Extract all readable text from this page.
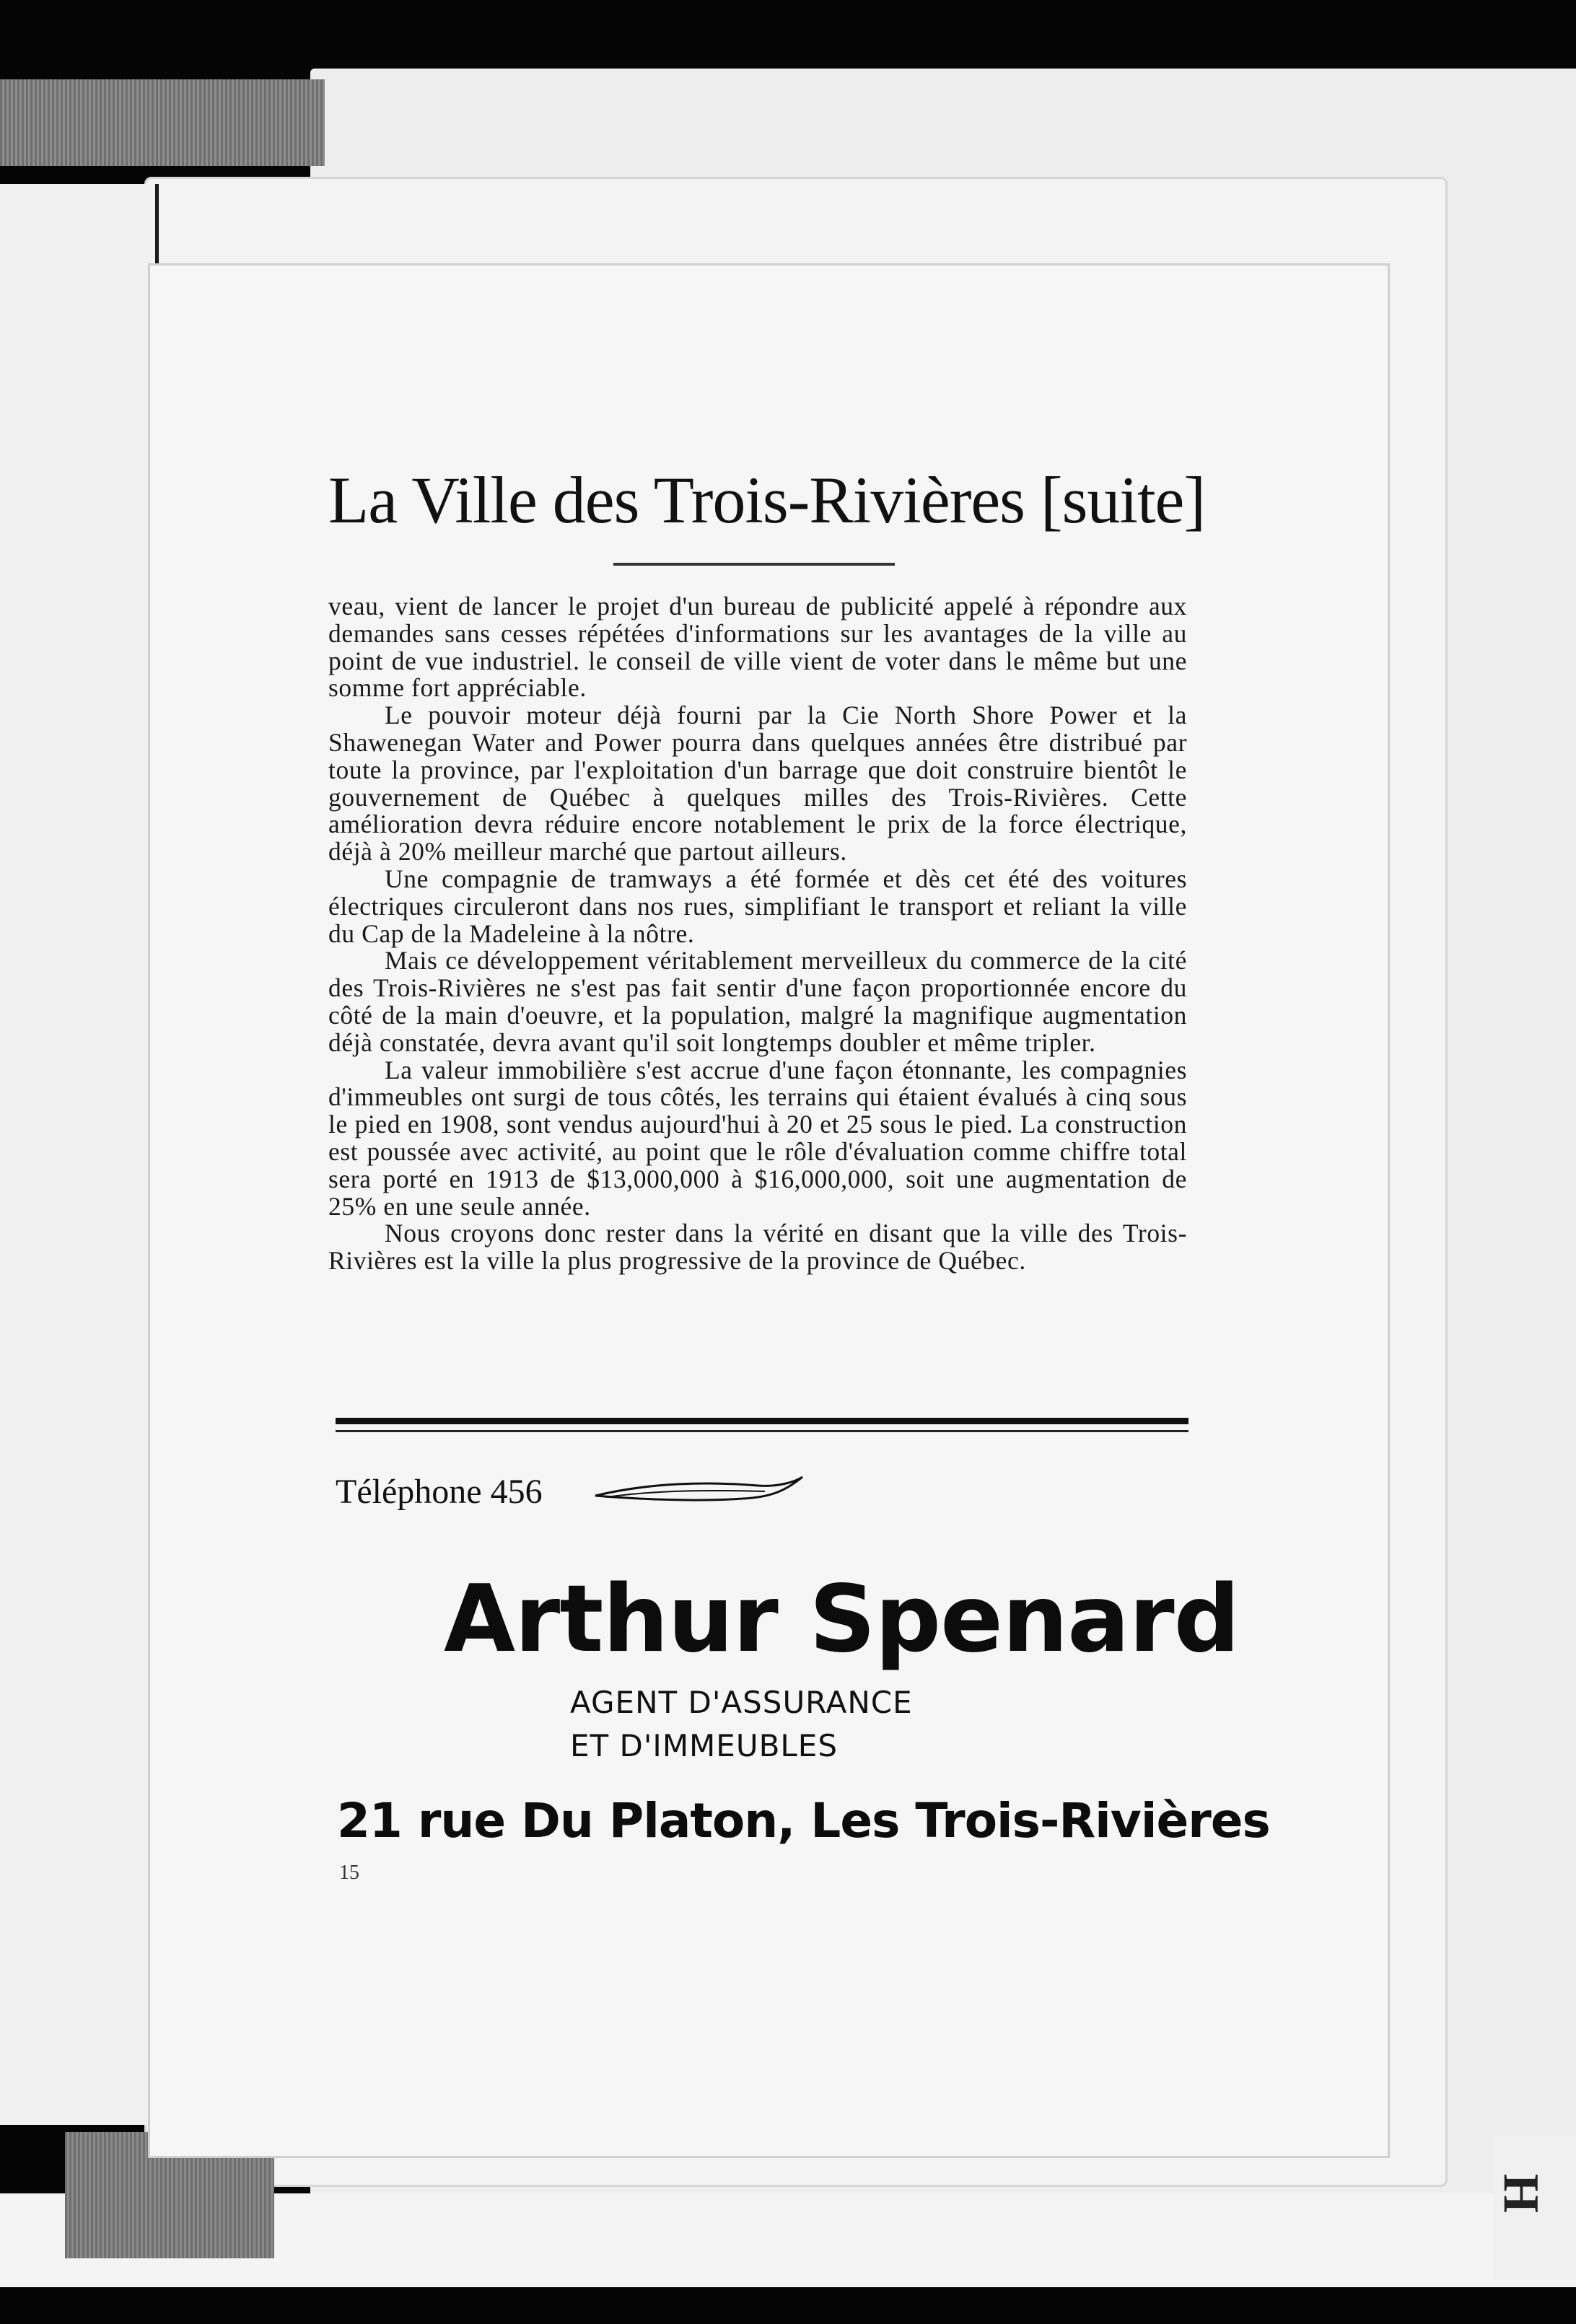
H
La Ville des Trois-Rivières [suite]

veau, vient de lancer le projet d'un bureau de publicité appelé à répondre aux demandes sans cesses répétées d'informations sur les avantages de la ville au point de vue industriel. le conseil de ville vient de voter dans le même but une somme fort appréciable.

Le pouvoir moteur déjà fourni par la Cie North Shore Power et la Shawenegan Water and Power pourra dans quelques années être distribué par toute la province, par l'exploitation d'un barrage que doit construire bientôt le gouvernement de Québec à quelques milles des Trois-Rivières. Cette amélioration devra réduire encore notablement le prix de la force électrique, déjà à 20% meilleur marché que partout ailleurs.

Une compagnie de tramways a été formée et dès cet été des voitures électriques circuleront dans nos rues, simplifiant le transport et reliant la ville du Cap de la Madeleine à la nôtre.

Mais ce développement véritablement merveilleux du commerce de la cité des Trois-Rivières ne s'est pas fait sentir d'une façon proportionnée encore du côté de la main d'oeuvre, et la population, malgré la magnifique augmentation déjà constatée, devra avant qu'il soit longtemps doubler et même tripler.

La valeur immobilière s'est accrue d'une façon étonnante, les compagnies d'immeubles ont surgi de tous côtés, les terrains qui étaient évalués à cinq sous le pied en 1908, sont vendus aujourd'hui à 20 et 25 sous le pied. La construction est poussée avec activité, au point que le rôle d'évaluation comme chiffre total sera porté en 1913 de $13,000,000 à $16,000,000, soit une augmentation de 25% en une seule année.

Nous croyons donc rester dans la vérité en disant que la ville des Trois-Rivières est la ville la plus progressive de la province de Québec.

Téléphone 456
Arthur Spenard
AGENT D'ASSURANCE
ET D'IMMEUBLES
21 rue Du Platon, Les Trois-Rivières
15
